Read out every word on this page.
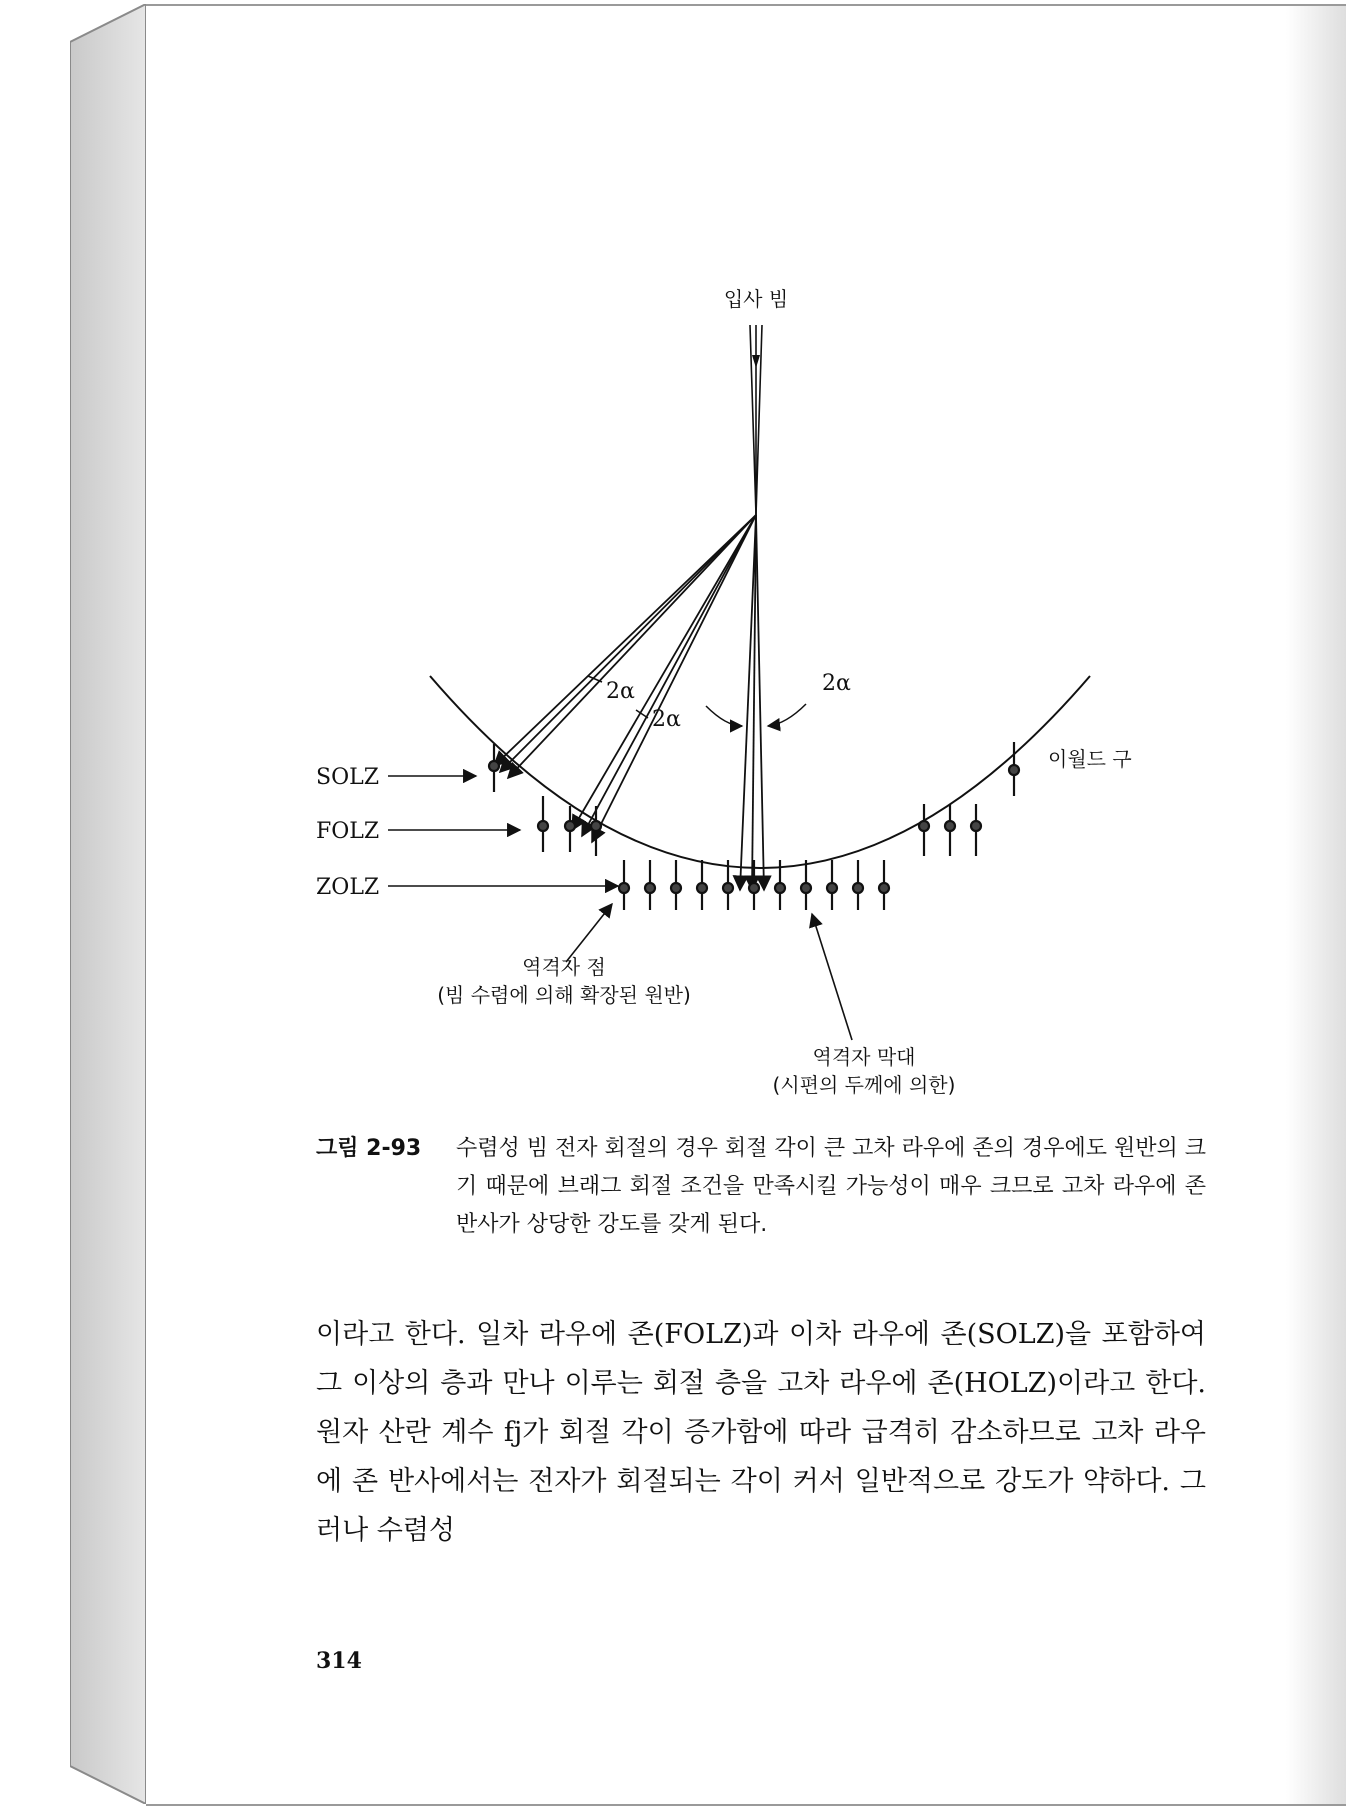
입사 빔
이월드 구
SOLZ
FOLZ
ZOLZ
2α
2α
2α
역격자 점
(빔 수렴에 의해 확장된 원반)
역격자 막대
(시편의 두께에 의한)
그림 2-93 수렴성 빔 전자 회절의 경우 회절 각이 큰 고차 라우에 존의 경우에도 원반의 크기 때문에 브래그 회절 조건을 만족시킬 가능성이 매우 크므로 고차 라우에 존 반사가 상당한 강도를 갖게 된다.

이라고 한다. 일차 라우에 존(FOLZ)과 이차 라우에 존(SOLZ)을 포함하여 그 이상의 층과 만나 이루는 회절 층을 고차 라우에 존(HOLZ)이라고 한다. 원자 산란 계수 fj가 회절 각이 증가함에 따라 급격히 감소하므로 고차 라우에 존 반사에서는 전자가 회절되는 각이 커서 일반적으로 강도가 약하다. 그러나 수렴성

314
